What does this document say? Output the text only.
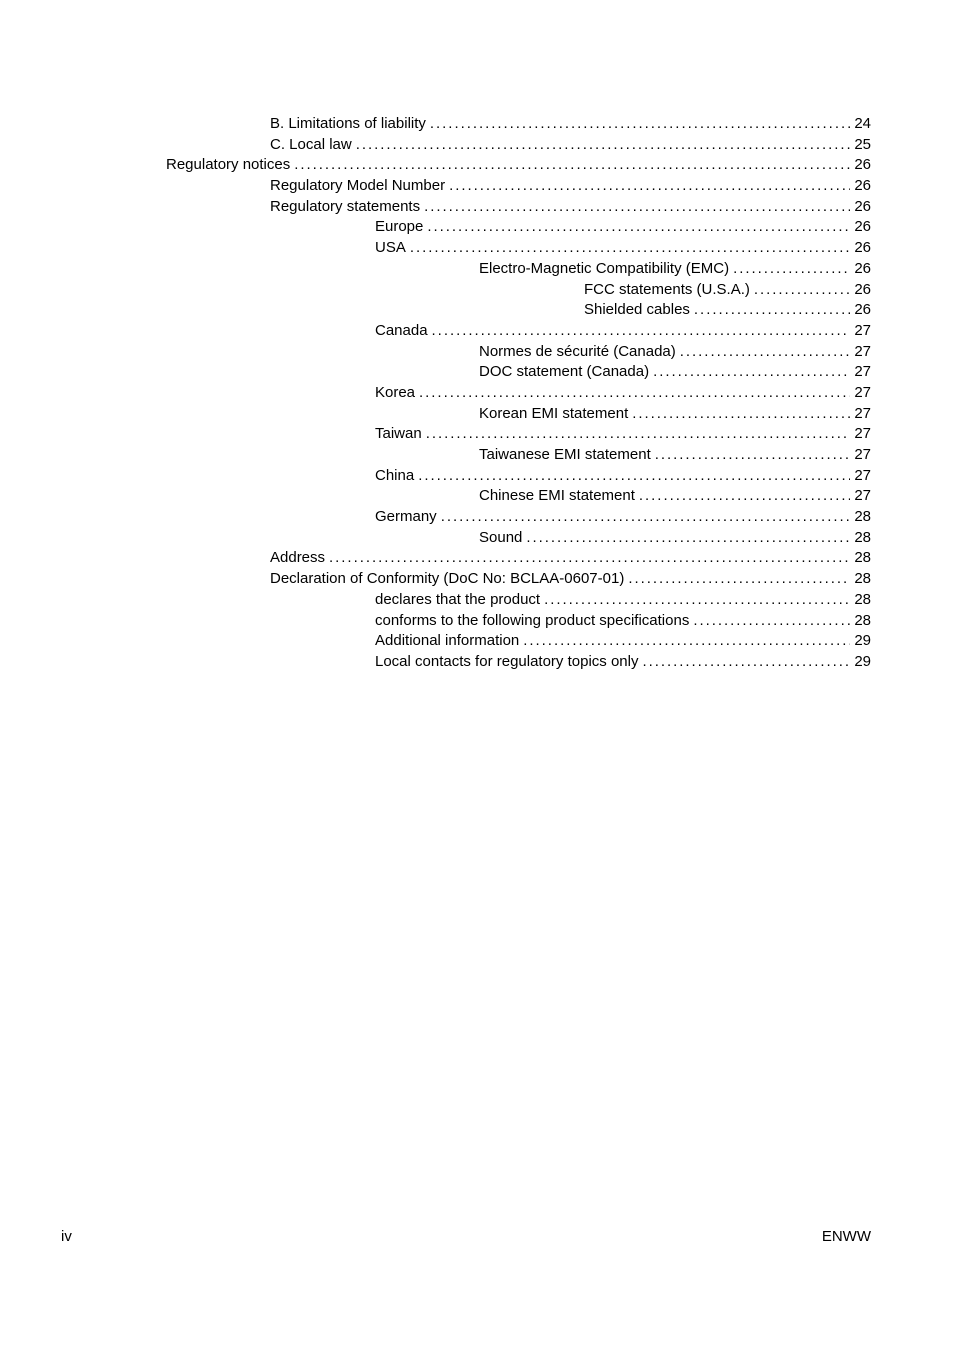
B. Limitations of liability . . .	24
C. Local law . . .	25
Regulatory notices . . .	26
Regulatory Model Number . . .	26
Regulatory statements . . .	26
Europe . . .	26
USA . . .	26
Electro-Magnetic Compatibility (EMC) . . .	26
FCC statements (U.S.A.) . . .	26
Shielded cables . . .	26
Canada . . .	27
Normes de sécurité (Canada) . . .	27
DOC statement (Canada) . . .	27
Korea . . .	27
Korean EMI statement . . .	27
Taiwan . . .	27
Taiwanese EMI statement . . .	27
China . . .	27
Chinese EMI statement . . .	27
Germany . . .	28
Sound . . .	28
Address . . .	28
Declaration of Conformity (DoC No: BCLAA-0607-01) . . .	28
declares that the product . . .	28
conforms to the following product specifications . . .	28
Additional information . . .	29
Local contacts for regulatory topics only . . .	29
iv	ENWW
